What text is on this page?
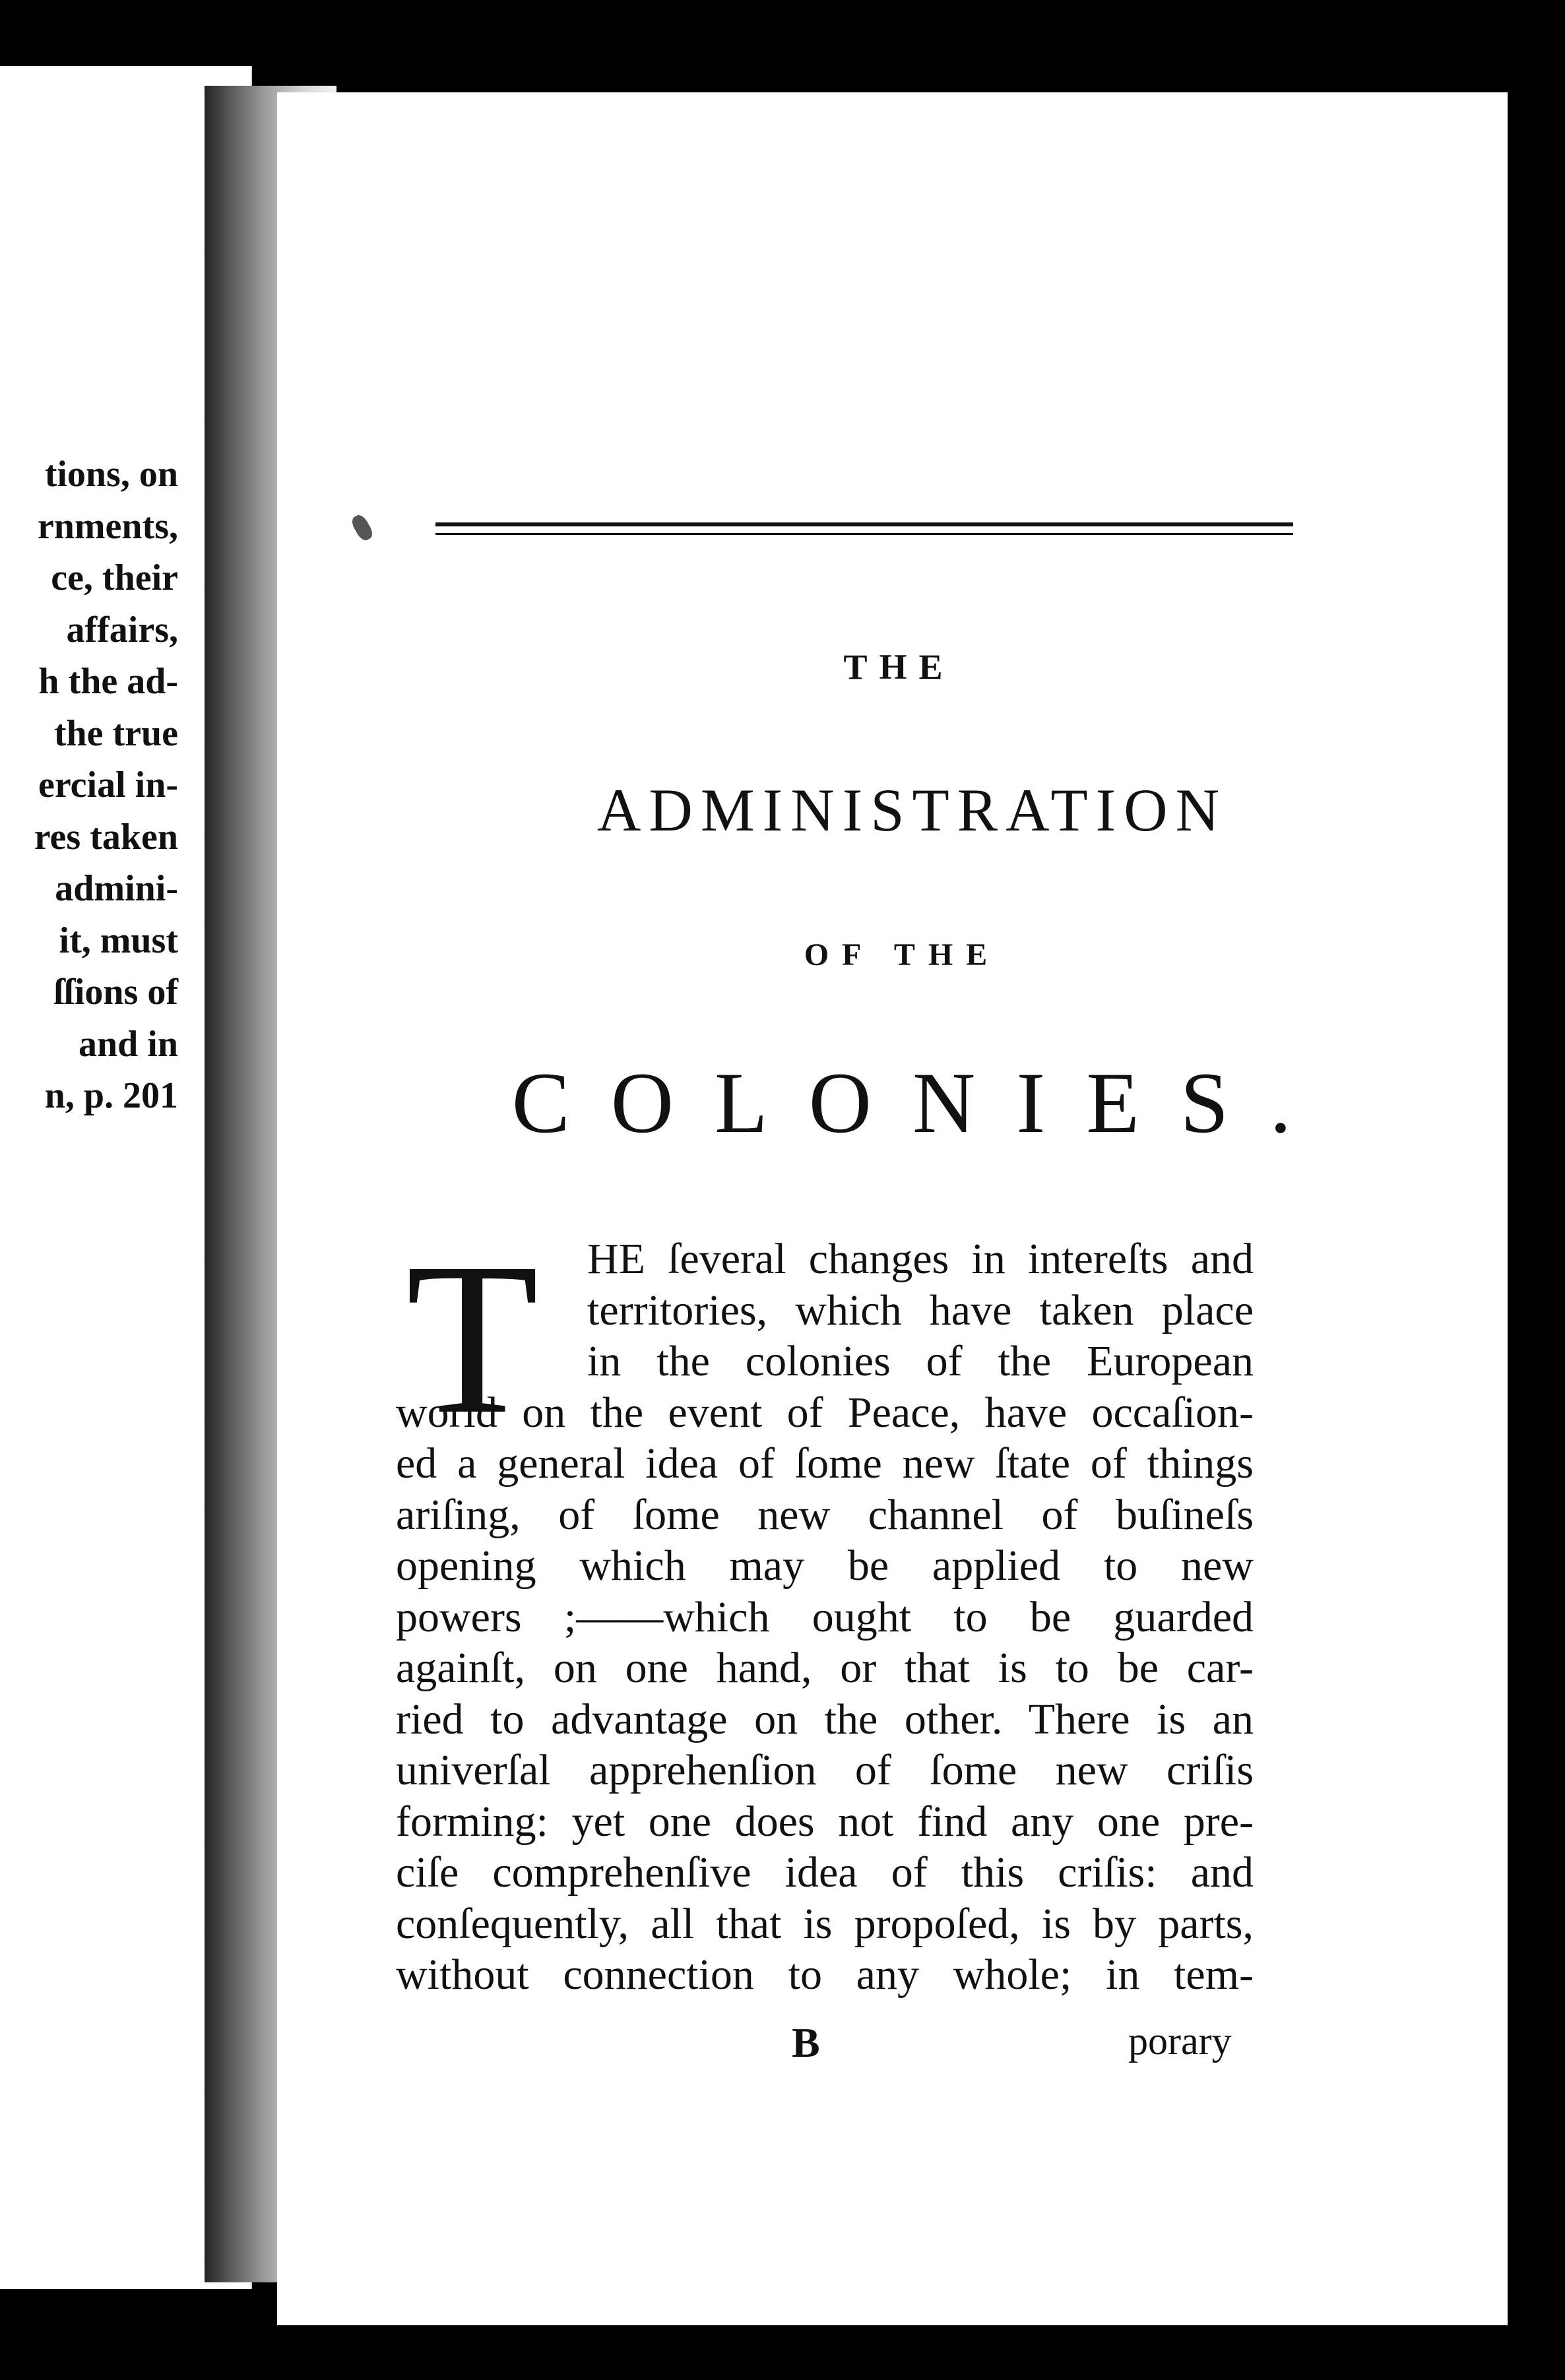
tions, on
rnments,
ce, their
affairs,
h the ad-
the true
ercial in-
res taken
admini-
it, must
ſſions of
and in
n, p. 201
THE
ADMINISTRATION
OF THE
COLONIES.
T	HE ſeveral changes in intereſts and
territories, which have taken place
in the colonies of the European
world on the event of Peace, have occaſion-
ed a general idea of ſome new ſtate of things
ariſing, of ſome new channel of buſineſs
opening which may be applied to new
powers ;——which ought to be guarded
againſt, on one hand, or that is to be car-
ried to advantage on the other. There is an
univerſal apprehenſion of ſome new criſis
forming: yet one does not find any one pre-
ciſe comprehenſive idea of this criſis: and
conſequently, all that is propoſed, is by parts,
without connection to any whole; in tem-
B	porary
